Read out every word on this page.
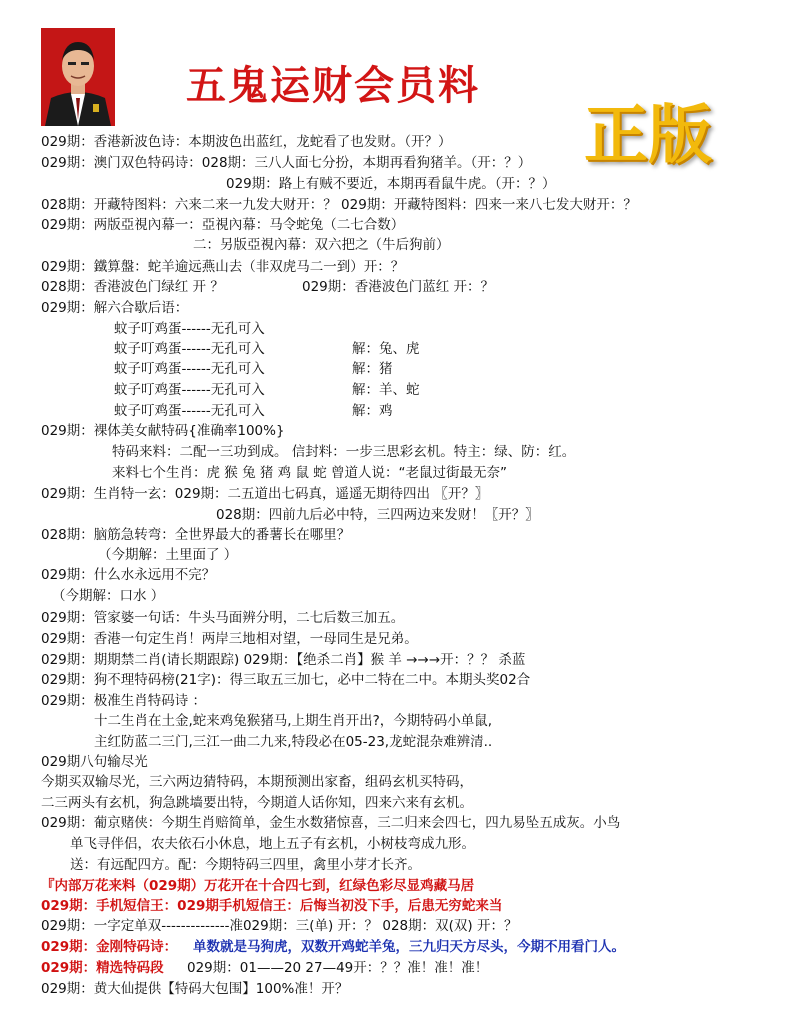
五鬼运财会员料
正版
029期：香港新波色诗：本期波色出蓝红，龙蛇看了也发财。（开？）
029期：澳门双色特码诗：028期：三八人面七分扮，本期再看狗猪羊。（开：？）
029期：路上有贼不要近，本期再看鼠牛虎。（开：？）
028期：开藏特图料：六来二来一九发大财开：？ 029期：开藏特图料：四来一来八七发大财开：？
029期：两版亞視內幕一：亞視內幕：马令蛇兔（二七合数）
二：另版亞視內幕：双六把之（牛后狗前）
029期：鐵算盤：蛇羊逾远燕山去（非双虎马二一到）开：？
028期：香港波色门绿红 开 ？	029期：香港波色门蓝红 开：？
029期：解六合歇后语：
蚊子叮鸡蛋------无孔可入
蚊子叮鸡蛋------无孔可入	解：兔、虎
蚊子叮鸡蛋------无孔可入	解：猪
蚊子叮鸡蛋------无孔可入	解：羊、蛇
蚊子叮鸡蛋------无孔可入	解：鸡
029期：裸体美女献特码{准确率100%}
特码来料：二配一三功到成。 信封料：一步三思彩玄机。特主：绿、防：红。
来料七个生肖：虎 猴 兔 猪 鸡 鼠 蛇 曾道人说：“老鼠过街最无奈”
029期：生肖特一玄：029期：二五道出七码真，遥遥无期待四出 〖开？〗
028期：四前九后必中特，三四两边来发财！〖开？〗
028期：脑筋急转弯：全世界最大的番薯长在哪里？
（今期解：土里面了 ）
029期：什么水永远用不完？
（今期解：口水 ）
029期：管家婆一句话：牛头马面辨分明，二七后数三加五。
029期：香港一句定生肖！两岸三地相对望，一母同生是兄弟。
029期：期期禁二肖(请长期跟踪) 029期：【绝杀二肖】猴 羊 →→→开：？？ 杀蓝
029期：狗不理特码榜(21字)：得三取五三加七，必中二特在二中。本期头奖02合
029期：极准生肖特码诗 ：
十二生肖在土金,蛇来鸡兔猴猪马,上期生肖开出?，今期特码小单鼠,
主红防蓝二三门,三江一曲二九来,特段必在05-23,龙蛇混杂难辨清..
029期八句输尽光
今期买双输尽光，三六两边猜特码，本期预测出家畜，组码玄机买特码，
二三两头有玄机，狗急跳墙要出特，今期道人话你知，四来六来有玄机。
029期：葡京赌侠：今期生肖赔简单，金生水数猪惊喜，三二归来会四七，四九易坠五成灰。小鸟
单飞寻伴侣，农夫依石小休息，地上五子有玄机，小树枝弯成九形。
送：有远配四方。配：今期特码三四里，禽里小芽才长齐。
『内部万花来料（029期）万花开在十合四七到，红绿色彩尽显鸡藏马居
029期：手机短信王：029期手机短信王：后悔当初没下手，后患无穷蛇来当
029期：一字定单双--------------准029期：三(单) 开：？ 028期：双(双) 开：？
029期：金刚特码诗： 单数就是马狗虎，双数开鸡蛇羊兔，三九归天方尽头，今期不用看门人。
029期：精选特码段 029期：01——20 27—49开：？？准！准！准！
029期：黄大仙提供【特码大包围】100%准！开？
